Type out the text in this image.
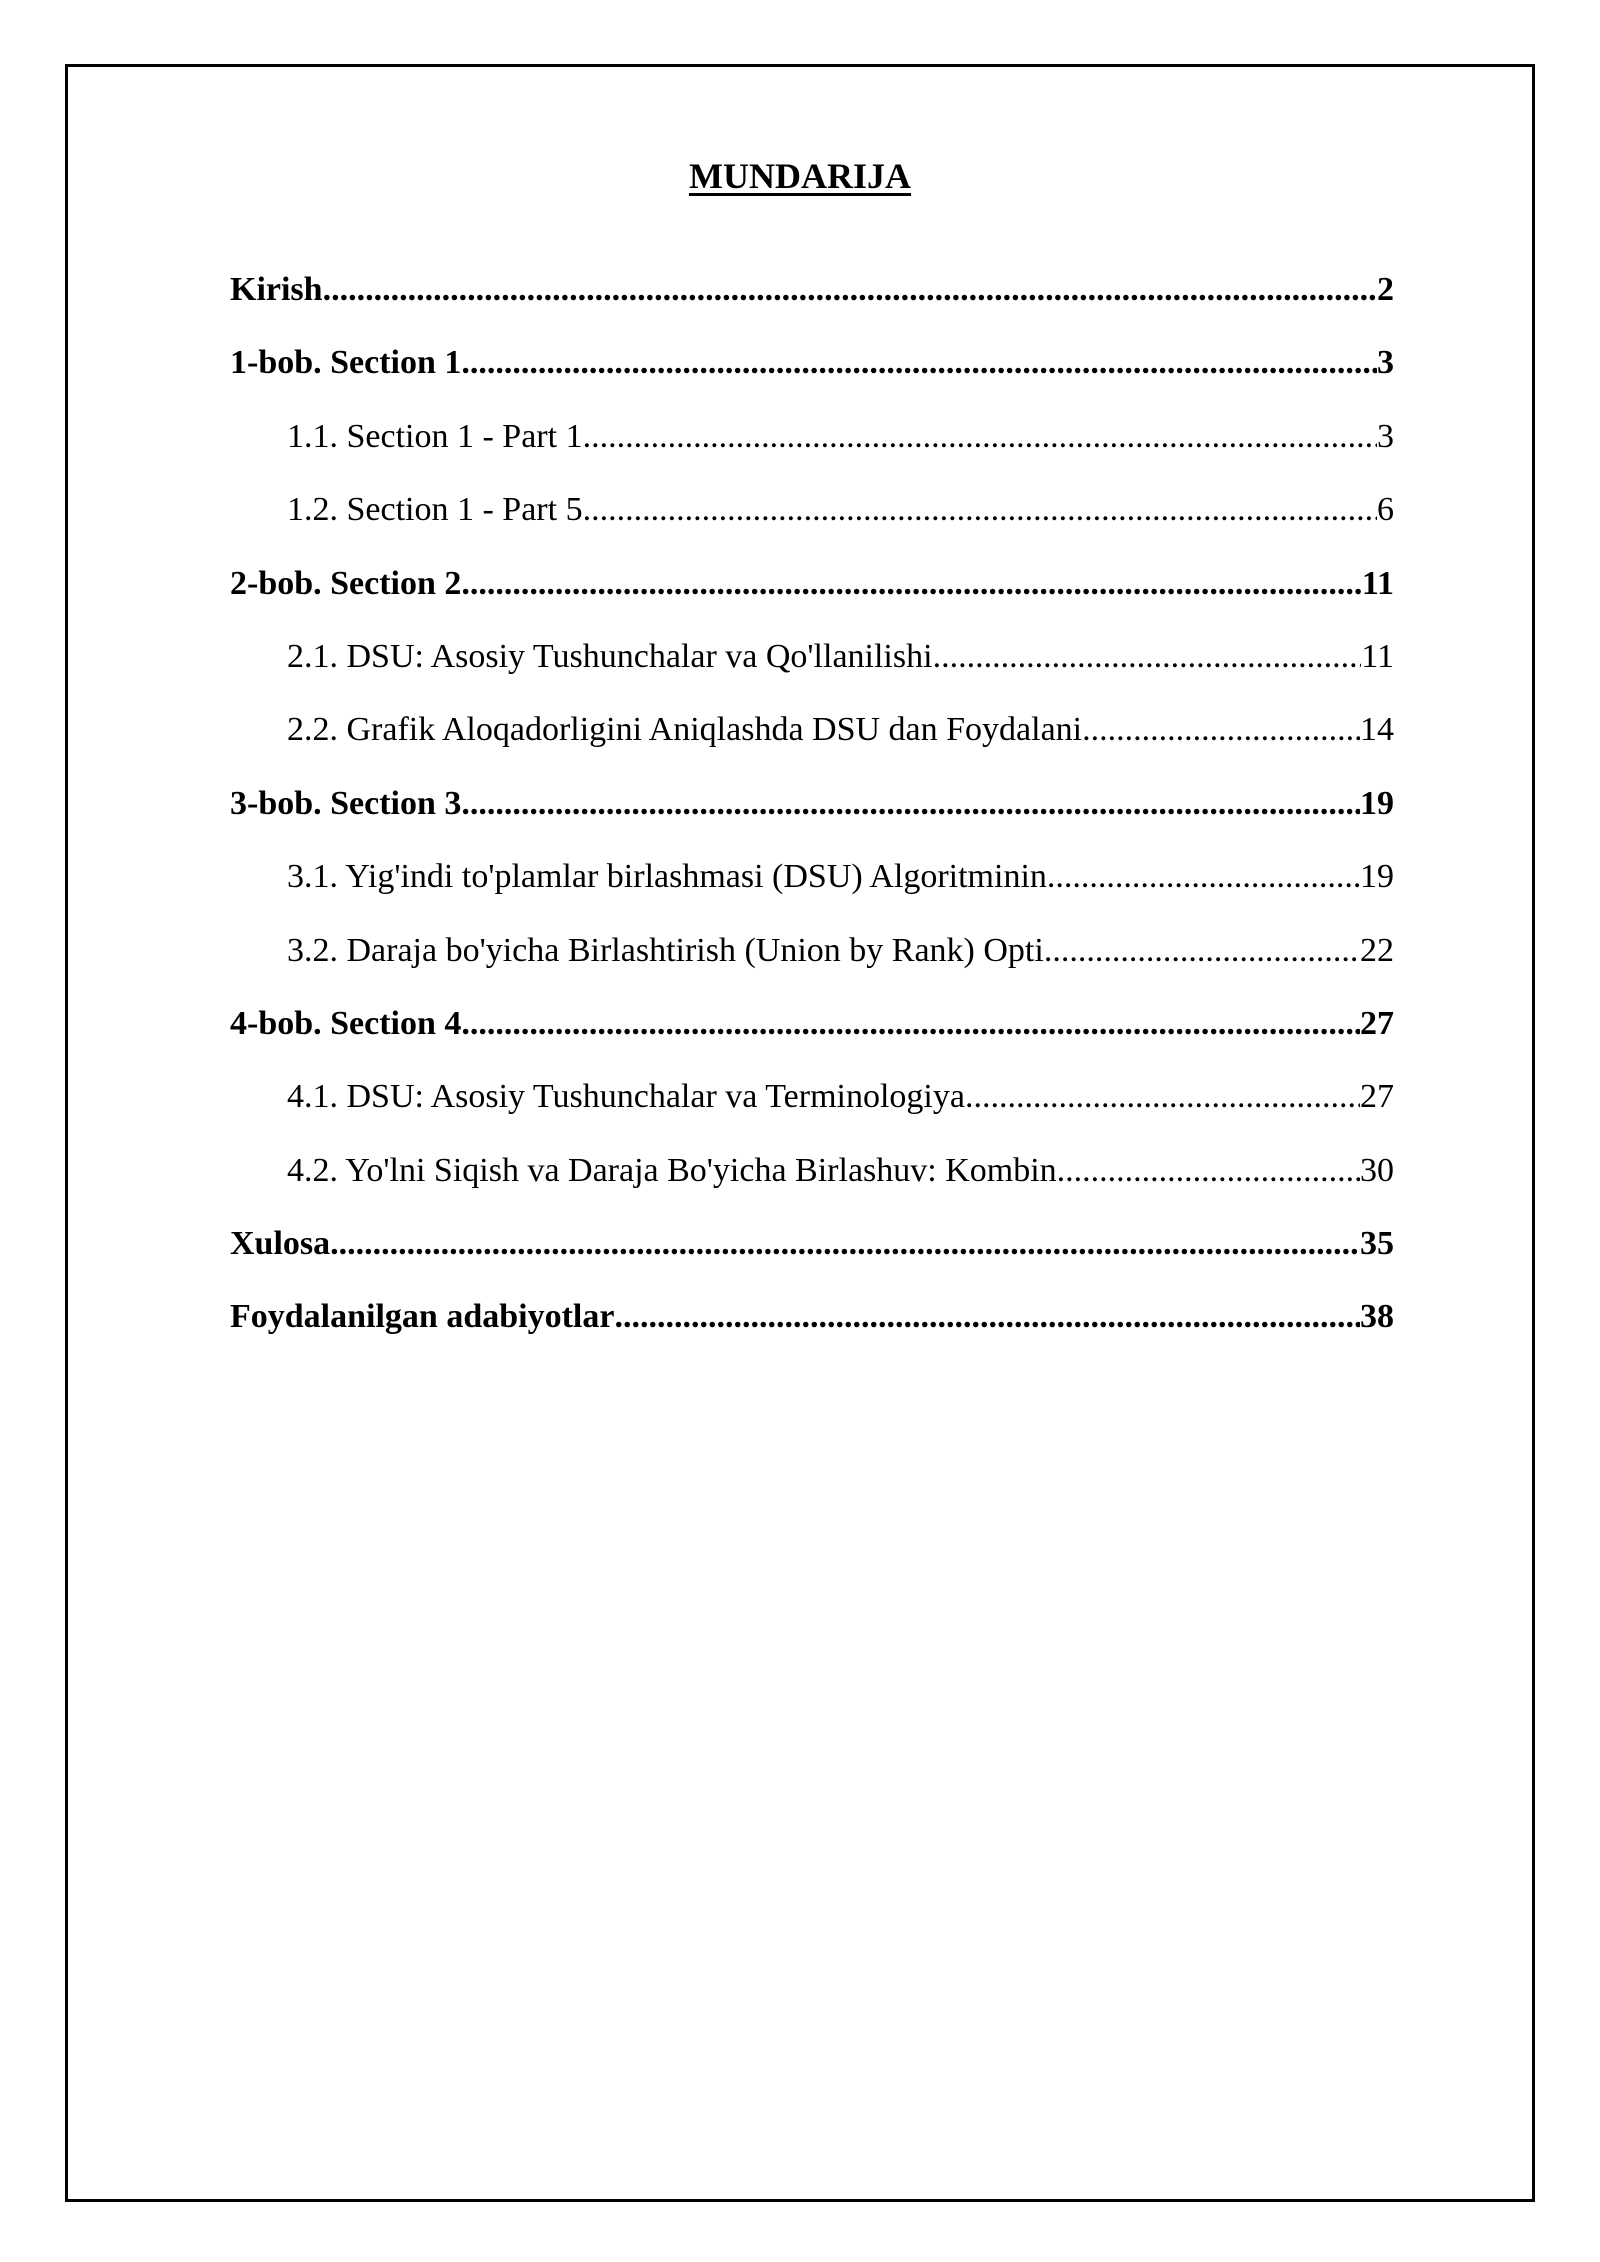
MUNDARIJA
Kirish .....	2
1-bob. Section 1 .....	3
1.1. Section 1 - Part 1 .....	3
1.2. Section 1 - Part 5 .....	6
2-bob. Section 2 .....	11
2.1. DSU: Asosiy Tushunchalar va Qo'llanilishi .....	11
2.2. Grafik Aloqadorligini Aniqlashda DSU dan Foydalani .....	14
3-bob. Section 3 .....	19
3.1. Yig'indi to'plamlar birlashmasi (DSU) Algoritminin .....	19
3.2. Daraja bo'yicha Birlashtirish (Union by Rank) Opti .....	22
4-bob. Section 4 .....	27
4.1. DSU: Asosiy Tushunchalar va Terminologiya .....	27
4.2. Yo'lni Siqish va Daraja Bo'yicha Birlashuv: Kombin .....	30
Xulosa .....	35
Foydalanilgan adabiyotlar .....	38
